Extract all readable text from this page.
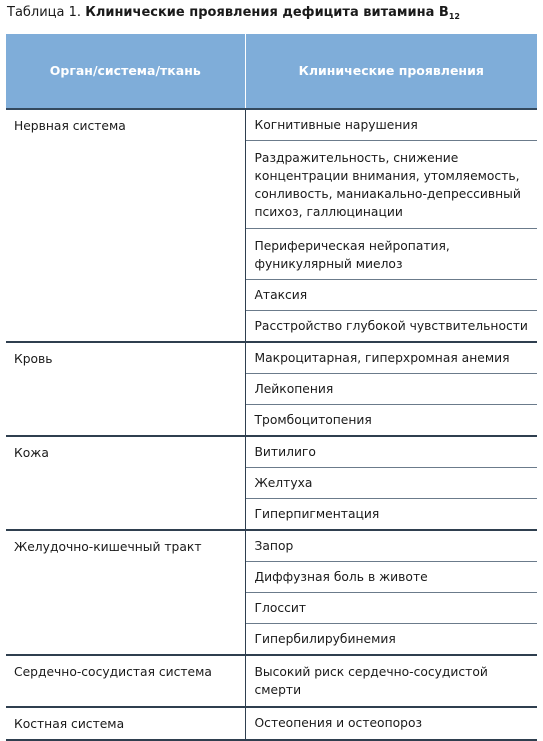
Таблица 1. Клинические проявления дефицита витамина $B_{12}$
Орган/система/ткань	Клинические проявления
Нервная система	Когнитивные нарушения
	Раздражительность, снижение концентрации внимания, утомляемость, сонливость, маниакально-депрессивный психоз, галлюцинации
	Периферическая нейропатия, фуникулярный миелоз
	Атаксия
	Расстройство глубокой чувствительности
Кровь	Макроцитарная, гиперхромная анемия
	Лейкопения
	Тромбоцитопения
Кожа	Витилиго
	Желтуха
	Гиперпигментация
Желудочно-кишечный тракт	Запор
	Диффузная боль в животе
	Глоссит
	Гипербилирубинемия
Сердечно-сосудистая система	Высокий риск сердечно-сосудистой смерти
Костная система	Остеопения и остеопороз
